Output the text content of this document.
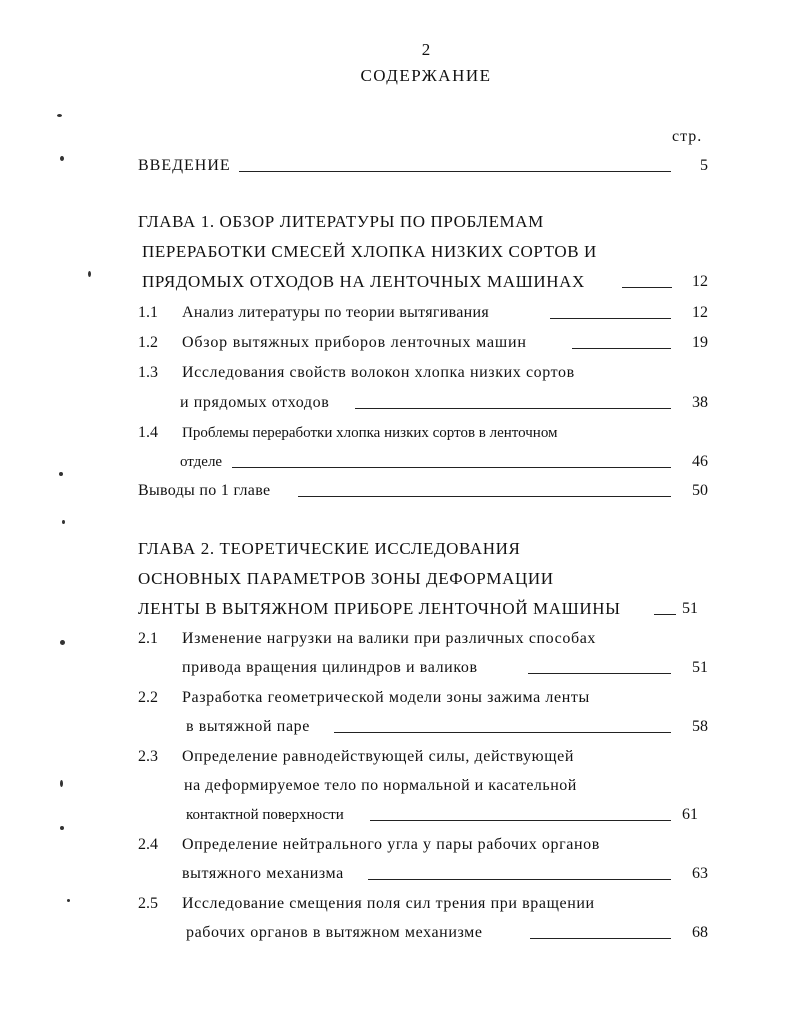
2
СОДЕРЖАНИЕ
стр.
ВВЕДЕНИЕ	5
ГЛАВА 1. ОБЗОР ЛИТЕРАТУРЫ ПО ПРОБЛЕМАМ
ПЕРЕРАБОТКИ СМЕСЕЙ ХЛОПКА НИЗКИХ СОРТОВ И
ПРЯДОМЫХ ОТХОДОВ НА ЛЕНТОЧНЫХ МАШИНАХ	12
1.1 Анализ литературы по теории вытягивания	12
1.2 Обзор вытяжных приборов ленточных машин	19
1.3 Исследования свойств волокон хлопка низких сортов
и прядомых отходов	38
1.4 Проблемы переработки хлопка низких сортов в ленточном
отделе	46
Выводы по 1 главе	50
ГЛАВА 2. ТЕОРЕТИЧЕСКИЕ ИССЛЕДОВАНИЯ
ОСНОВНЫХ ПАРАМЕТРОВ ЗОНЫ ДЕФОРМАЦИИ
ЛЕНТЫ В ВЫТЯЖНОМ ПРИБОРЕ ЛЕНТОЧНОЙ МАШИНЫ	51
2.1 Изменение нагрузки на валики при различных способах
привода вращения цилиндров и валиков	51
2.2 Разработка геометрической модели зоны зажима ленты
в вытяжной паре	58
2.3 Определение равнодействующей силы, действующей
на деформируемое тело по нормальной и касательной
контактной поверхности	61
2.4 Определение нейтрального угла у пары рабочих органов
вытяжного механизма	63
2.5 Исследование смещения поля сил трения при вращении
рабочих органов в вытяжном механизме	68
